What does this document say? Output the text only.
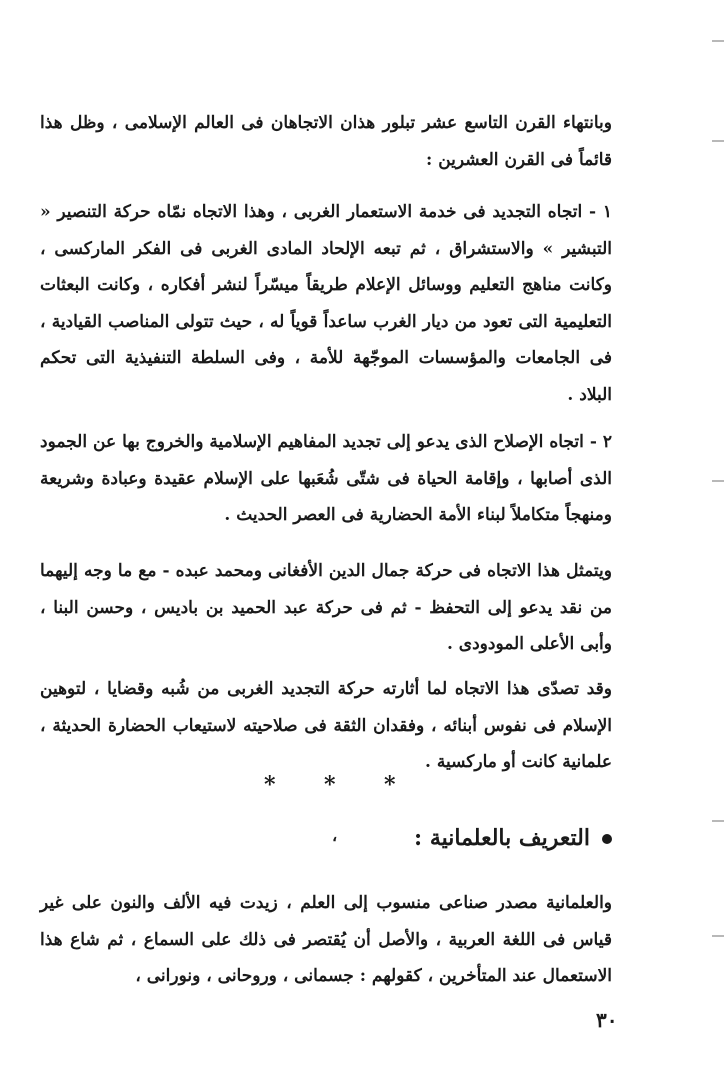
وبانتهاء القرن التاسع عشر تبلور هذان الاتجاهان فى العالم الإسلامى ، وظل هذا قائماً فى القرن العشرين :

١ - اتجاه التجديد فى خدمة الاستعمار الغربى ، وهذا الاتجاه نمّاه حركة التنصير « التبشير » والاستشراق ، ثم تبعه الإلحاد المادى الغربى فى الفكر الماركسى ، وكانت مناهج التعليم ووسائل الإعلام طريقاً ميسّراً لنشر أفكاره ، وكانت البعثات التعليمية التى تعود من ديار الغرب ساعداً قوياً له ، حيث تتولى المناصب القيادية ، فى الجامعات والمؤسسات الموجّهة للأمة ، وفى السلطة التنفيذية التى تحكم البلاد .

٢ - اتجاه الإصلاح الذى يدعو إلى تجديد المفاهيم الإسلامية والخروج بها عن الجمود الذى أصابها ، وإقامة الحياة فى شتّى شُعَبها على الإسلام عقيدة وعبادة وشريعة ومنهجاً متكاملاً لبناء الأمة الحضارية فى العصر الحديث .

ويتمثل هذا الاتجاه فى حركة جمال الدين الأفغانى ومحمد عبده - مع ما وجه إليهما من نقد يدعو إلى التحفظ - ثم فى حركة عبد الحميد بن باديس ، وحسن البنا ، وأبى الأعلى المودودى .

وقد تصدّى هذا الاتجاه لما أثارته حركة التجديد الغربى من شُبه وقضايا ، لتوهين الإسلام فى نفوس أبنائه ، وفقدان الثقة فى صلاحيته لاستيعاب الحضارة الحديثة ، علمانية كانت أو ماركسية .

* * *
التعريف بالعلمانية :
،

والعلمانية مصدر صناعى منسوب إلى العلم ، زيدت فيه الألف والنون على غير قياس فى اللغة العربية ، والأصل أن يُقتصر فى ذلك على السماع ، ثم شاع هذا الاستعمال عند المتأخرين ، كقولهم : جسمانى ، وروحانى ، ونورانى ،

٣٠
